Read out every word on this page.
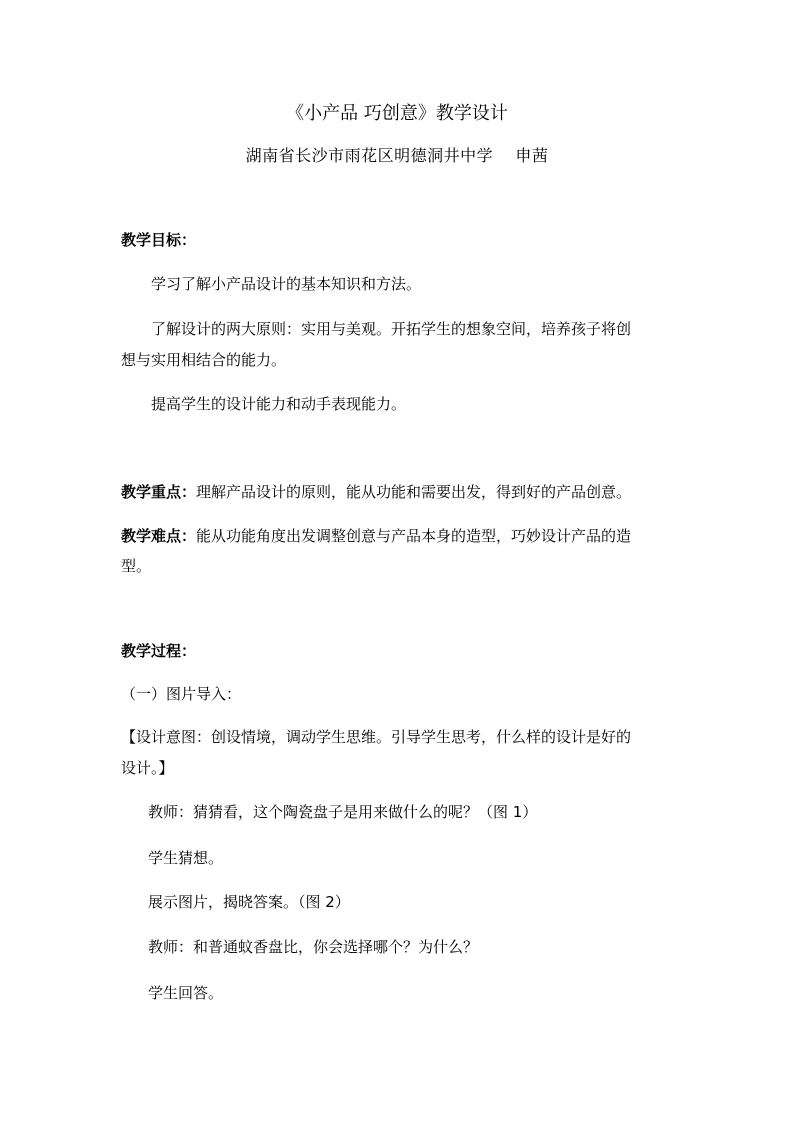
《小产品 巧创意》教学设计
湖南省长沙市雨花区明德洞井中学    申茜
教学目标：
学习了解小产品设计的基本知识和方法。
了解设计的两大原则：实用与美观。开拓学生的想象空间，培养孩子将创
想与实用相结合的能力。
提高学生的设计能力和动手表现能力。
教学重点：理解产品设计的原则，能从功能和需要出发，得到好的产品创意。
教学难点：能从功能角度出发调整创意与产品本身的造型，巧妙设计产品的造
型。
教学过程：
（一）图片导入：
【设计意图：创设情境，调动学生思维。引导学生思考，什么样的设计是好的
设计。】
教师：猜猜看，这个陶瓷盘子是用来做什么的呢？（图 1）
学生猜想。
展示图片，揭晓答案。（图 2）
教师：和普通蚊香盘比，你会选择哪个？为什么？
学生回答。
